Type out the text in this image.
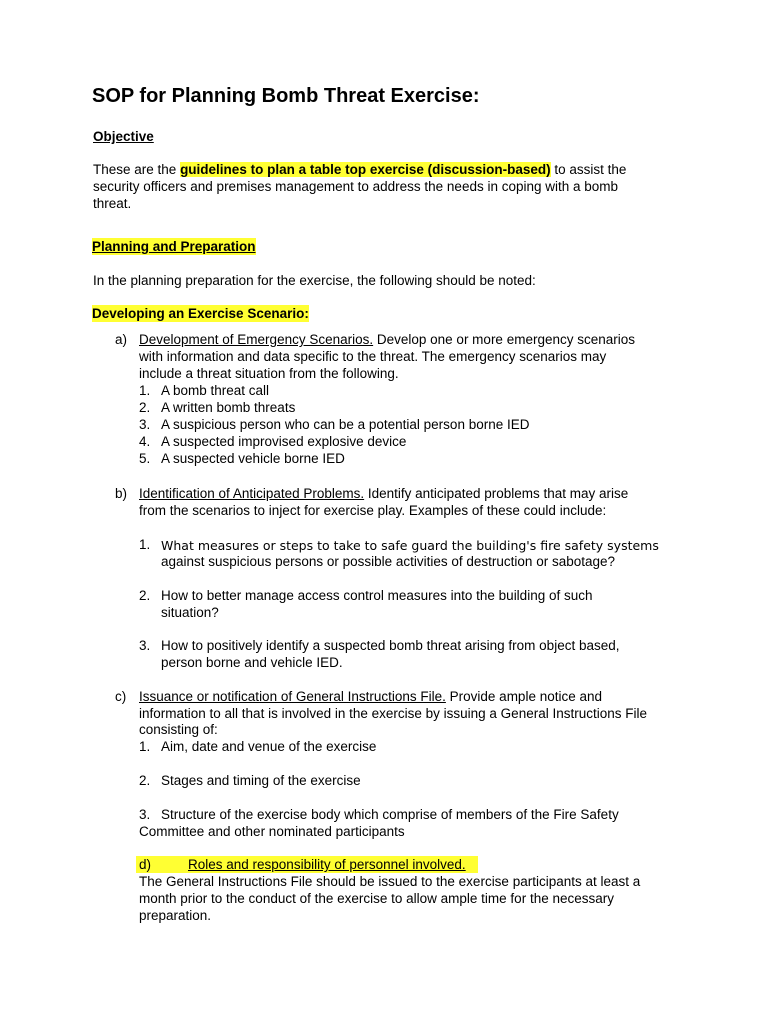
SOP for Planning Bomb Threat Exercise:
Objective
These are the guidelines to plan a table top exercise (discussion-based) to assist the
security officers and premises management to address the needs in coping with a bomb
threat.
Planning and Preparation
In the planning preparation for the exercise, the following should be noted:
Developing an Exercise Scenario:
a) Development of Emergency Scenarios. Develop one or more emergency scenarios
with information and data specific to the threat. The emergency scenarios may
include a threat situation from the following.
1. A bomb threat call
2. A written bomb threats
3. A suspicious person who can be a potential person borne IED
4. A suspected improvised explosive device
5. A suspected vehicle borne IED
b) Identification of Anticipated Problems. Identify anticipated problems that may arise
from the scenarios to inject for exercise play. Examples of these could include:
1. What measures or steps to take to safe guard the building's fire safety systems
against suspicious persons or possible activities of destruction or sabotage?
2. How to better manage access control measures into the building of such
situation?
3. How to positively identify a suspected bomb threat arising from object based,
person borne and vehicle IED.
c) Issuance or notification of General Instructions File. Provide ample notice and
information to all that is involved in the exercise by issuing a General Instructions File
consisting of:
1. Aim, date and venue of the exercise
2. Stages and timing of the exercise
3. Structure of the exercise body which comprise of members of the Fire Safety
Committee and other nominated participants
d)	Roles and responsibility of personnel involved.
The General Instructions File should be issued to the exercise participants at least a
month prior to the conduct of the exercise to allow ample time for the necessary
preparation.
